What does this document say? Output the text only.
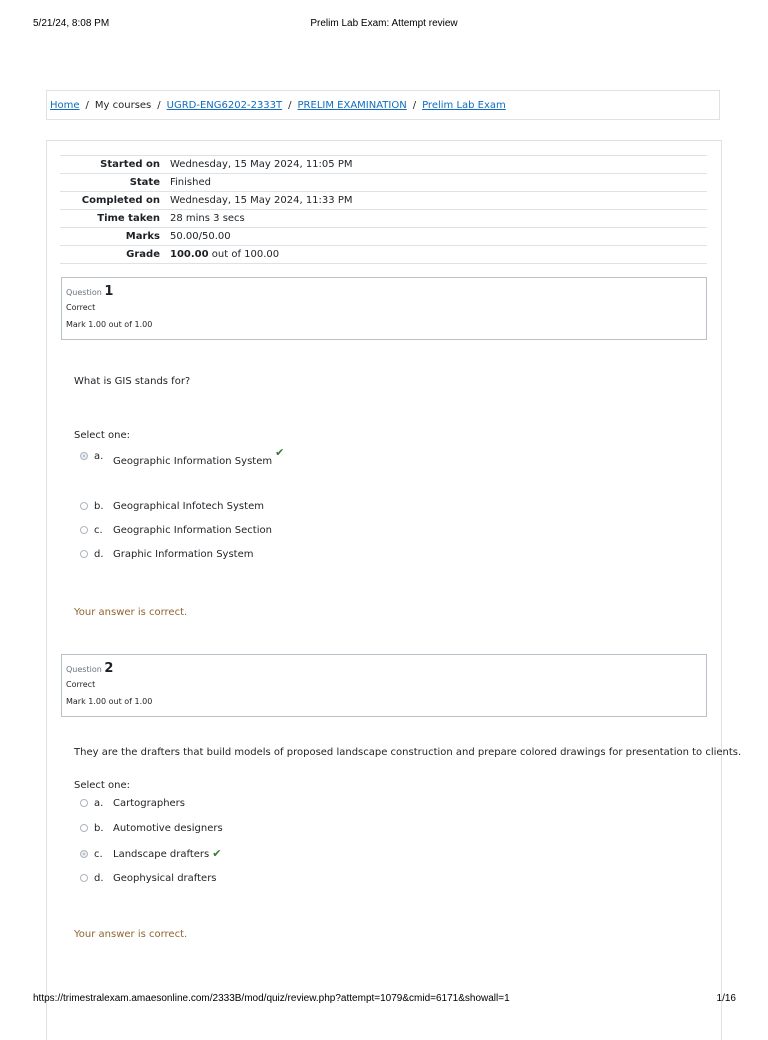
5/21/24, 8:08 PM	Prelim Lab Exam: Attempt review
Home / My courses / UGRD-ENG6202-2333T / PRELIM EXAMINATION / Prelim Lab Exam
Started on	Wednesday, 15 May 2024, 11:05 PM
State	Finished
Completed on	Wednesday, 15 May 2024, 11:33 PM
Time taken	28 mins 3 secs
Marks	50.00/50.00
Grade	100.00 out of 100.00
Question 1
Correct
Mark 1.00 out of 1.00
What is GIS stands for?
Select one:
a. Geographic Information System✔
b. Geographical Infotech System
c. Geographic Information Section
d. Graphic Information System
Your answer is correct.
Question 2
Correct
Mark 1.00 out of 1.00
They are the drafters that build models of proposed landscape construction and prepare colored drawings for presentation to clients.
Select one:
a. Cartographers
b. Automotive designers
c. Landscape drafters ✔
d. Geophysical drafters
Your answer is correct.
https://trimestralexam.amaesonline.com/2333B/mod/quiz/review.php?attempt=1079&cmid=6171&showall=1	1/16
